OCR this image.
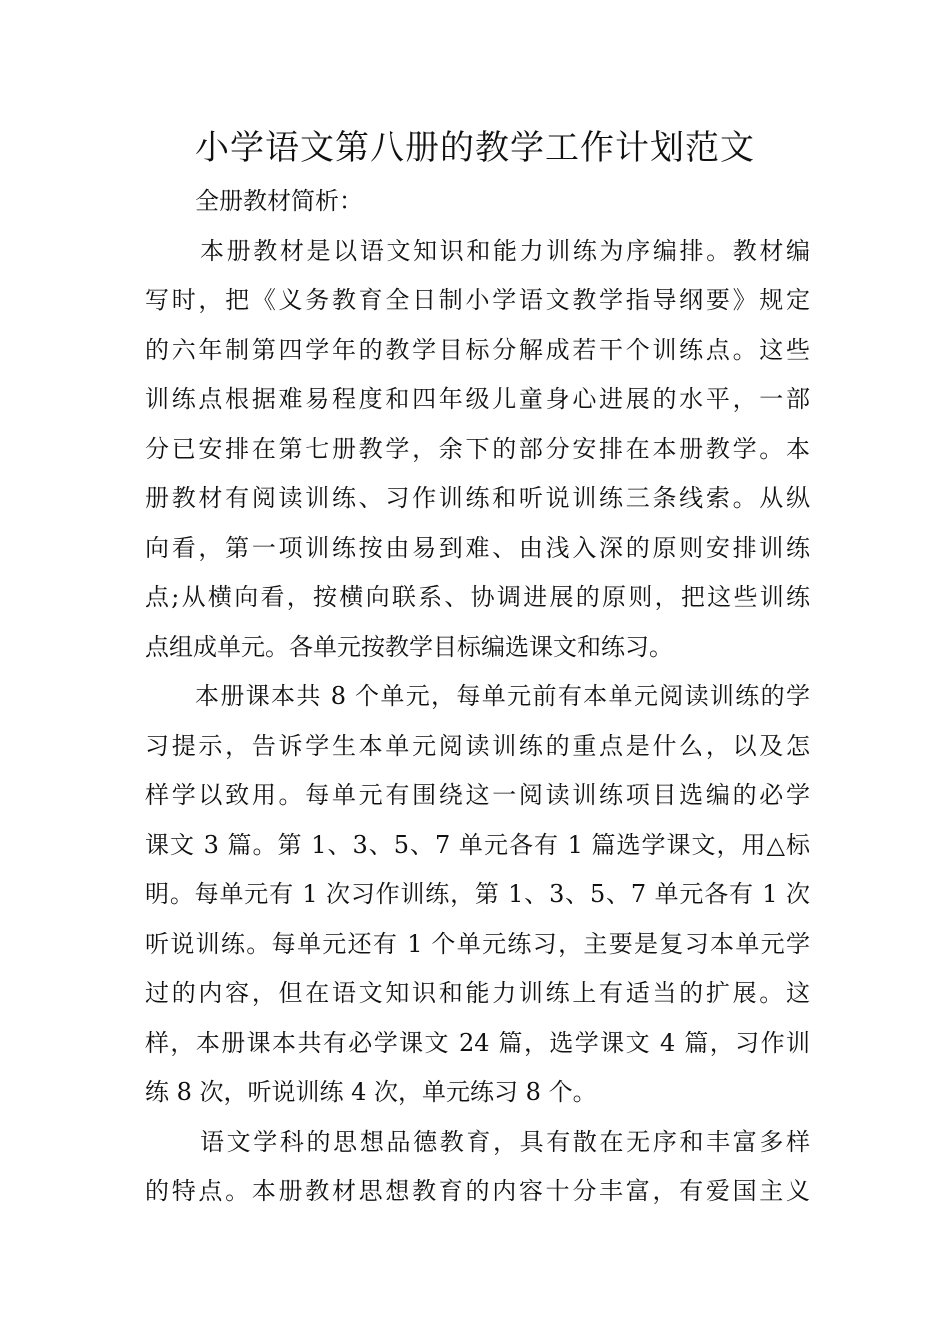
小学语文第八册的教学工作计划范文
全册教材简析：
本册教材是以语文知识和能力训练为序编排。教材编
写时，把《义务教育全日制小学语文教学指导纲要》规定
的六年制第四学年的教学目标分解成若干个训练点。这些
训练点根据难易程度和四年级儿童身心进展的水平，一部
分已安排在第七册教学，余下的部分安排在本册教学。本
册教材有阅读训练、习作训练和听说训练三条线索。从纵
向看，第一项训练按由易到难、由浅入深的原则安排训练
点;从横向看，按横向联系、协调进展的原则，把这些训练
点组成单元。各单元按教学目标编选课文和练习。
本册课本共 8 个单元，每单元前有本单元阅读训练的学
习提示，告诉学生本单元阅读训练的重点是什么，以及怎
样学以致用。每单元有围绕这一阅读训练项目选编的必学
课文 3 篇。第 1、3、5、7 单元各有 1 篇选学课文，用△标
明。每单元有 1 次习作训练，第 1、3、5、7 单元各有 1 次
听说训练。每单元还有 1 个单元练习，主要是复习本单元学
过的内容，但在语文知识和能力训练上有适当的扩展。这
样，本册课本共有必学课文 24 篇，选学课文 4 篇，习作训
练 8 次，听说训练 4 次，单元练习 8 个。
语文学科的思想品德教育，具有散在无序和丰富多样
的特点。本册教材思想教育的内容十分丰富，有爱国主义
